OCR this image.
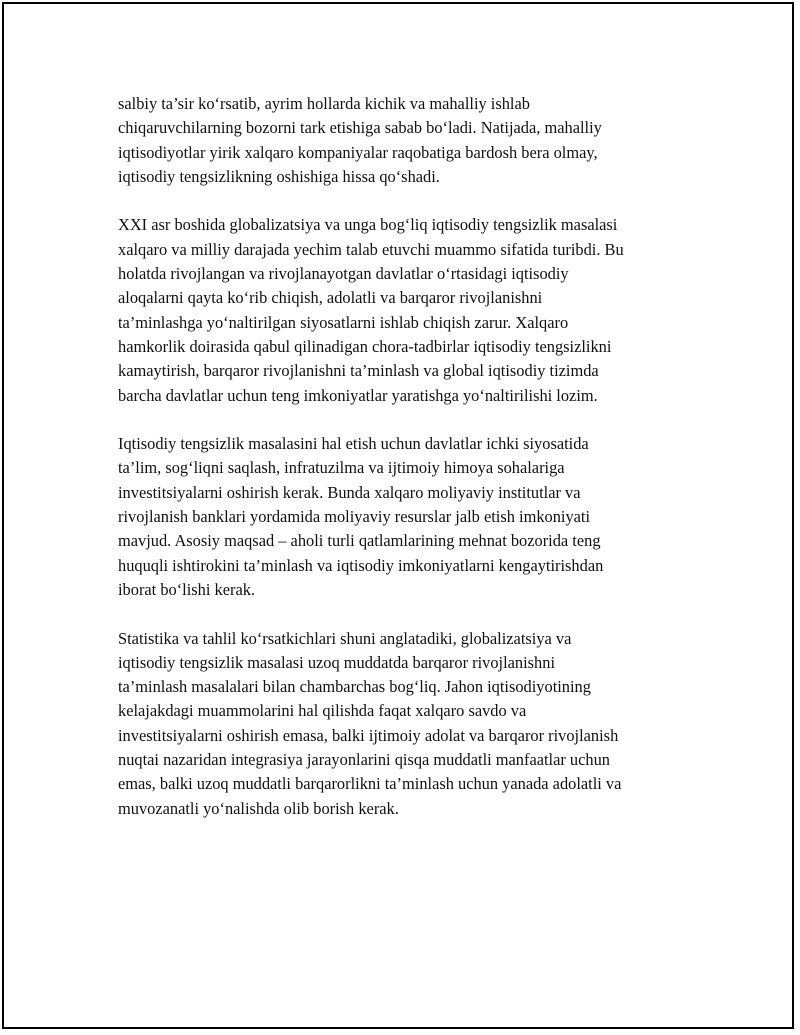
salbiy ta’sir ko‘rsatib, ayrim hollarda kichik va mahalliy ishlab
chiqaruvchilarning bozorni tark etishiga sabab bo‘ladi. Natijada, mahalliy
iqtisodiyotlar yirik xalqaro kompaniyalar raqobatiga bardosh bera olmay,
iqtisodiy tengsizlikning oshishiga hissa qo‘shadi.

XXI asr boshida globalizatsiya va unga bog‘liq iqtisodiy tengsizlik masalasi
xalqaro va milliy darajada yechim talab etuvchi muammo sifatida turibdi. Bu
holatda rivojlangan va rivojlanayotgan davlatlar o‘rtasidagi iqtisodiy
aloqalarni qayta ko‘rib chiqish, adolatli va barqaror rivojlanishni
ta’minlashga yo‘naltirilgan siyosatlarni ishlab chiqish zarur. Xalqaro
hamkorlik doirasida qabul qilinadigan chora-tadbirlar iqtisodiy tengsizlikni
kamaytirish, barqaror rivojlanishni ta’minlash va global iqtisodiy tizimda
barcha davlatlar uchun teng imkoniyatlar yaratishga yo‘naltirilishi lozim.

Iqtisodiy tengsizlik masalasini hal etish uchun davlatlar ichki siyosatida
ta’lim, sog‘liqni saqlash, infratuzilma va ijtimoiy himoya sohalariga
investitsiyalarni oshirish kerak. Bunda xalqaro moliyaviy institutlar va
rivojlanish banklari yordamida moliyaviy resurslar jalb etish imkoniyati
mavjud. Asosiy maqsad – aholi turli qatlamlarining mehnat bozorida teng
huquqli ishtirokini ta’minlash va iqtisodiy imkoniyatlarni kengaytirishdan
iborat bo‘lishi kerak.

Statistika va tahlil ko‘rsatkichlari shuni anglatadiki, globalizatsiya va
iqtisodiy tengsizlik masalasi uzoq muddatda barqaror rivojlanishni
ta’minlash masalalari bilan chambarchas bog‘liq. Jahon iqtisodiyotining
kelajakdagi muammolarini hal qilishda faqat xalqaro savdo va
investitsiyalarni oshirish emasa, balki ijtimoiy adolat va barqaror rivojlanish
nuqtai nazaridan integrasiya jarayonlarini qisqa muddatli manfaatlar uchun
emas, balki uzoq muddatli barqarorlikni ta’minlash uchun yanada adolatli va
muvozanatli yo‘nalishda olib borish kerak.
